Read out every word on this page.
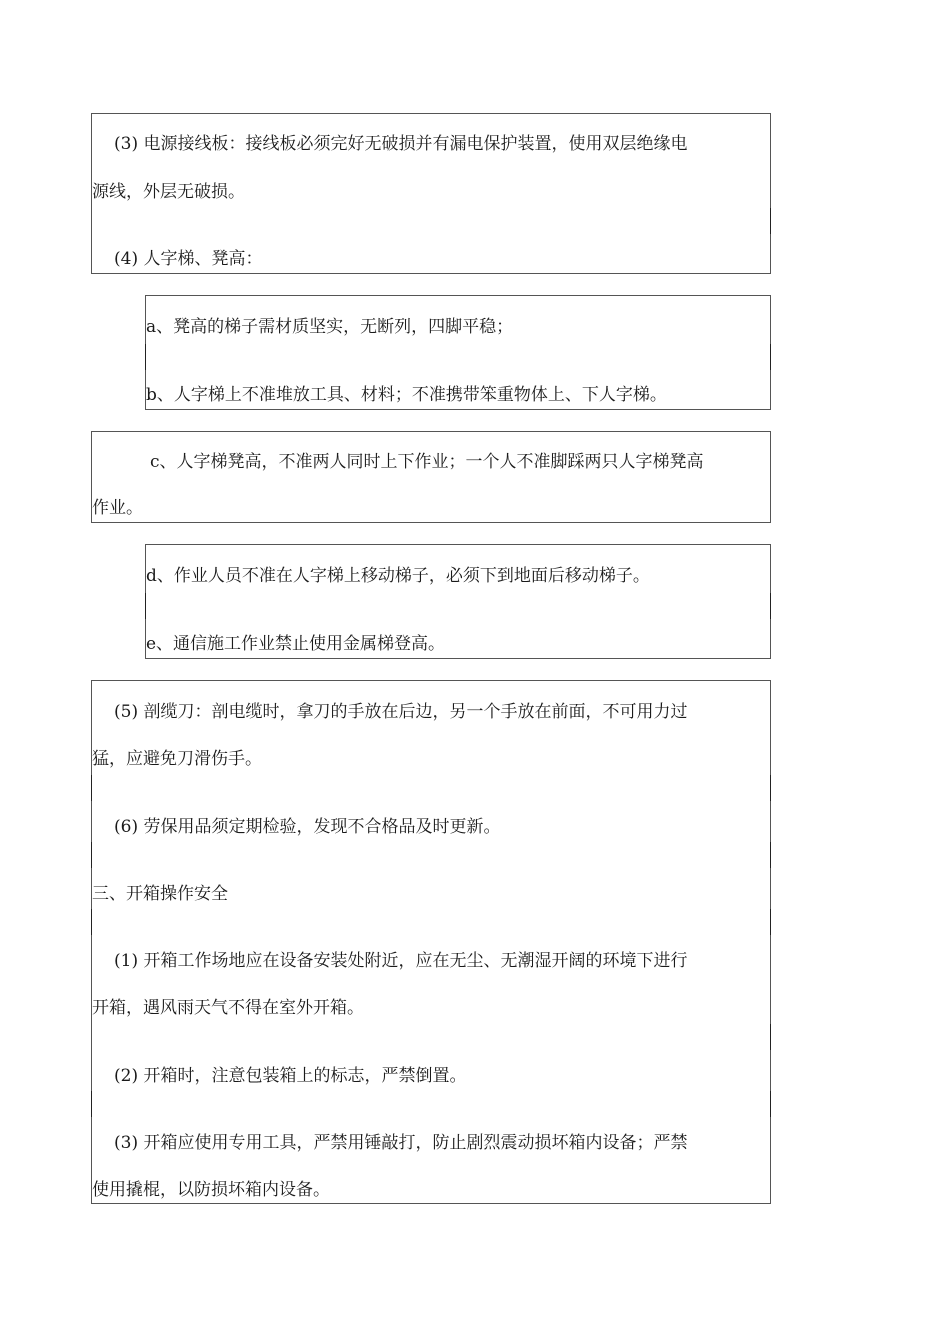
(3) 电源接线板：接线板必须完好无破损并有漏电保护装置，使用双层绝缘电
源线，外层无破损。
(4) 人字梯、凳高：
a、凳高的梯子需材质坚实，无断列，四脚平稳；
b、人字梯上不准堆放工具、材料；不准携带笨重物体上、下人字梯。
c、人字梯凳高，不准两人同时上下作业；一个人不准脚踩两只人字梯凳高
作业。
d、作业人员不准在人字梯上移动梯子，必须下到地面后移动梯子。
e、通信施工作业禁止使用金属梯登高。
(5) 剖缆刀：剖电缆时，拿刀的手放在后边，另一个手放在前面，不可用力过
猛，应避免刀滑伤手。
(6) 劳保用品须定期检验，发现不合格品及时更新。
三、开箱操作安全
(1) 开箱工作场地应在设备安装处附近，应在无尘、无潮湿开阔的环境下进行
开箱，遇风雨天气不得在室外开箱。
(2) 开箱时，注意包装箱上的标志，严禁倒置。
(3) 开箱应使用专用工具，严禁用锤敲打，防止剧烈震动损坏箱内设备；严禁
使用撬棍，以防损坏箱内设备。
